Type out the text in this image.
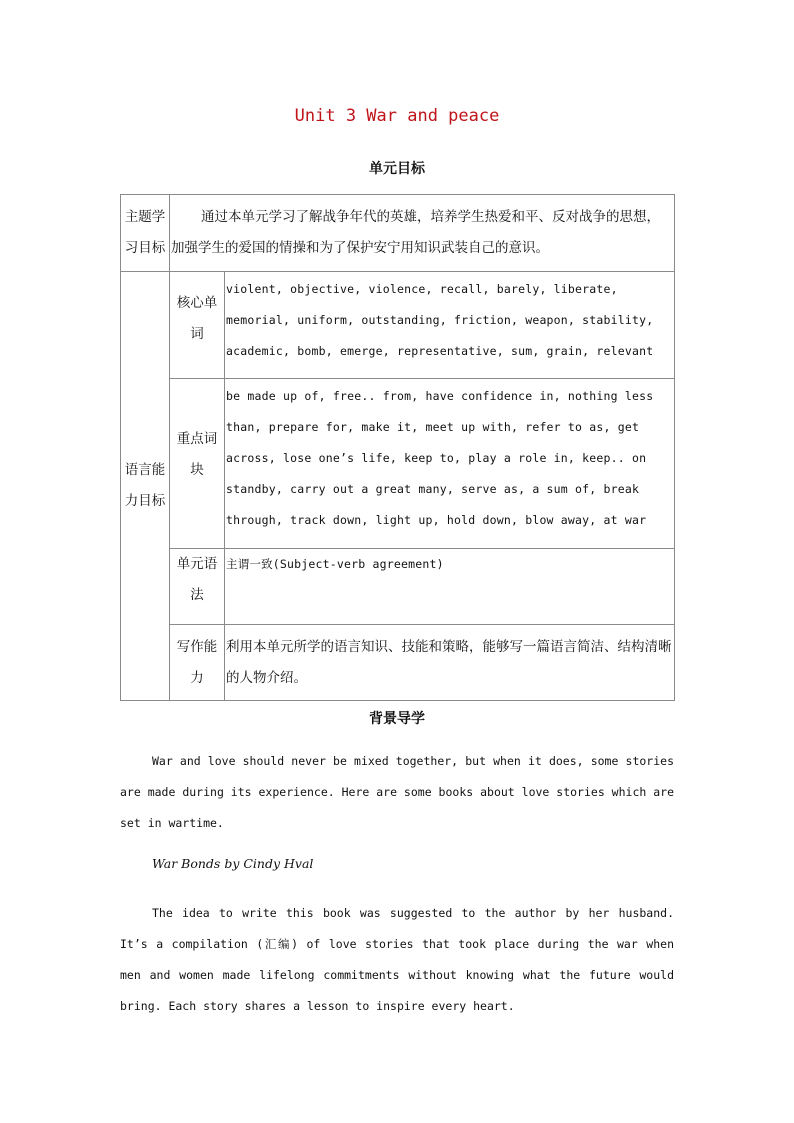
Unit 3 War and peace
单元目标
主题学习目标	通过本单元学习了解战争年代的英雄，培养学生热爱和平、反对战争的思想，加强学生的爱国的情操和为了保护安宁用知识武装自己的意识。	
语言能力目标	核心单词	violent, objective, violence, recall, barely, liberate, memorial, uniform, outstanding, friction, weapon, stability, academic, bomb, emerge, representative, sum, grain, relevant
	重点词块	be made up of, free.. from, have confidence in, nothing less than, prepare for, make it, meet up with, refer to as, get across, lose one’s life, keep to, play a role in, keep.. on standby, carry out a great many, serve as, a sum of, break through, track down, light up, hold down, blow away, at war
	单元语法	主谓一致(Subject-verb agreement)
	写作能力	利用本单元所学的语言知识、技能和策略，能够写一篇语言简洁、结构清晰的人物介绍。
背景导学

War and love should never be mixed together, but when it does, some stories are made during its experience. Here are some books about love stories which are set in wartime.

War Bonds by Cindy Hval

The idea to write this book was suggested to the author by her husband. It’s a compilation (汇编) of love stories that took place during the war when men and women made lifelong commitments without knowing what the future would bring. Each story shares a lesson to inspire every heart.
